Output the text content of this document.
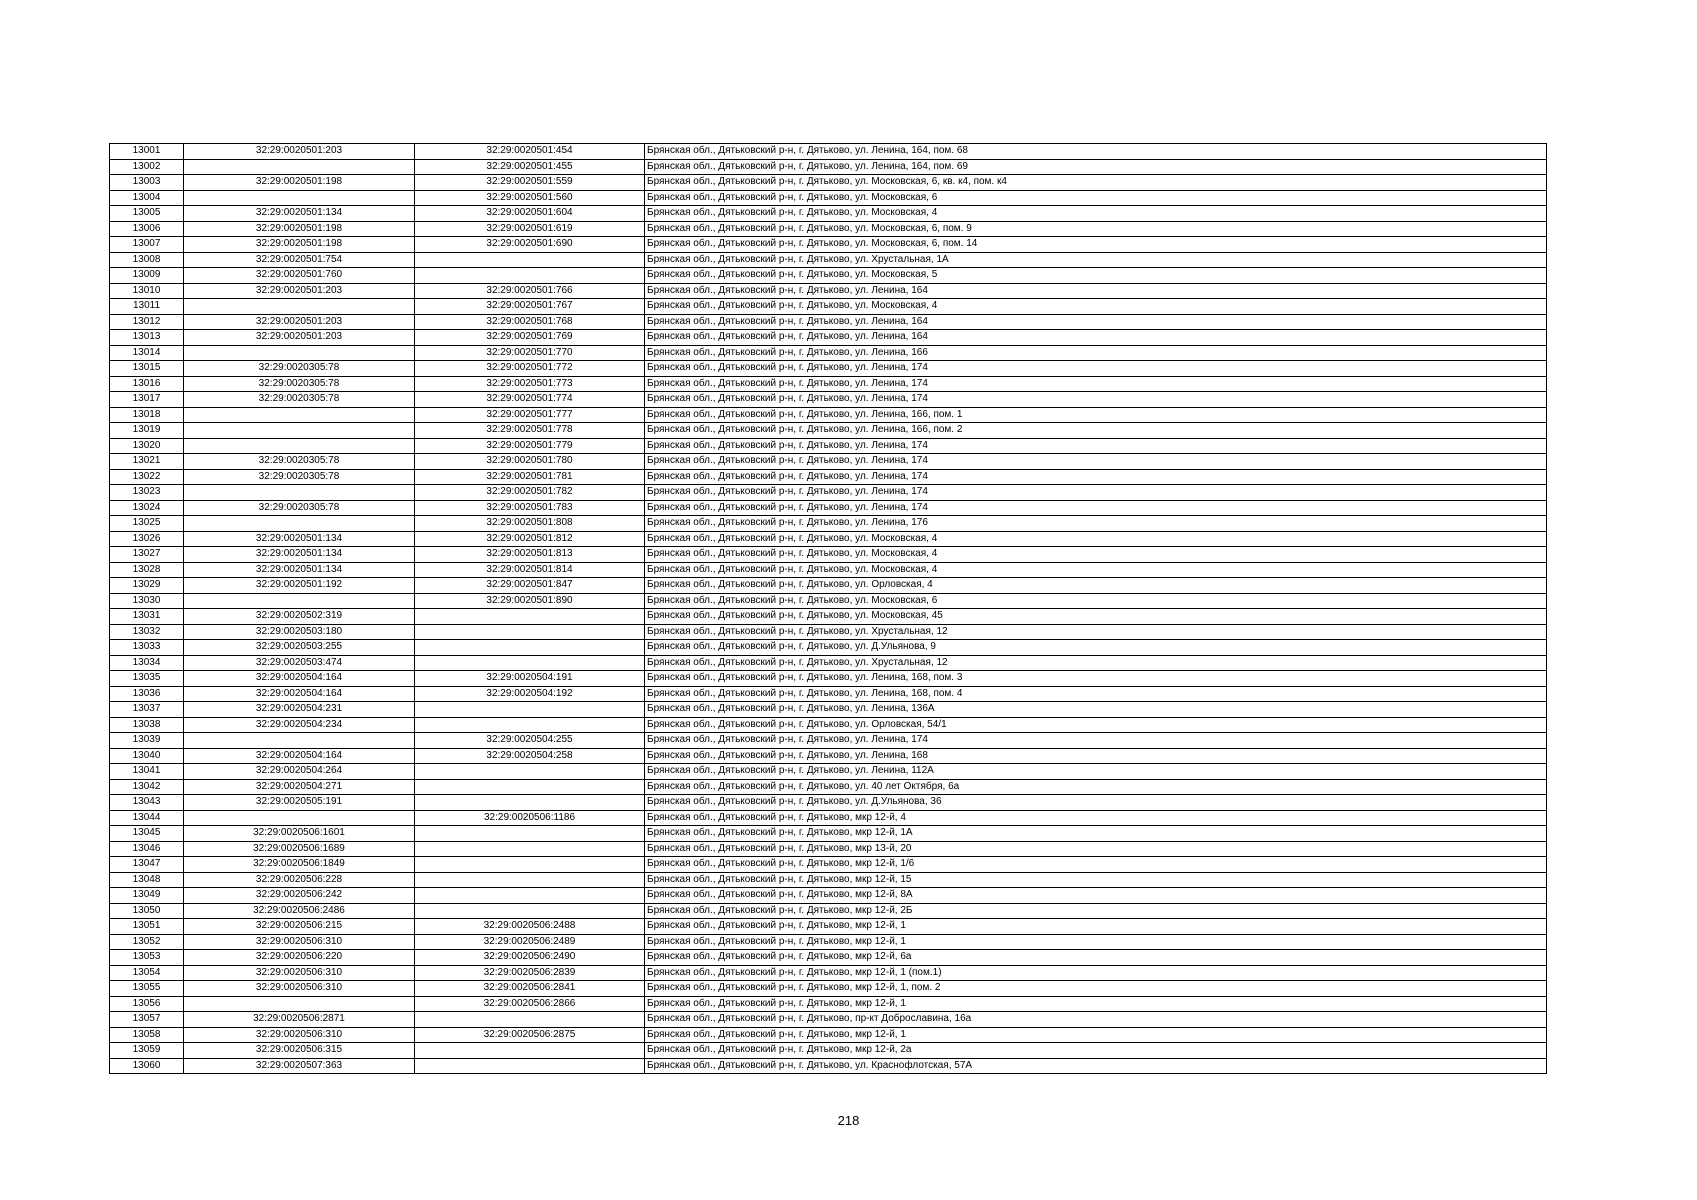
13001	32:29:0020501:203	32:29:0020501:454	Брянская обл., Дятьковский р-н, г. Дятьково, ул. Ленина, 164, пом. 68
13002		32:29:0020501:455	Брянская обл., Дятьковский р-н, г. Дятьково, ул. Ленина, 164, пом. 69
13003	32:29:0020501:198	32:29:0020501:559	Брянская обл., Дятьковский р-н, г. Дятьково, ул. Московская, 6, кв. к4, пом. к4
13004		32:29:0020501:560	Брянская обл., Дятьковский р-н, г. Дятьково, ул. Московская, 6
13005	32:29:0020501:134	32:29:0020501:604	Брянская обл., Дятьковский р-н, г. Дятьково, ул. Московская, 4
13006	32:29:0020501:198	32:29:0020501:619	Брянская обл., Дятьковский р-н, г. Дятьково, ул. Московская, 6, пом. 9
13007	32:29:0020501:198	32:29:0020501:690	Брянская обл., Дятьковский р-н, г. Дятьково, ул. Московская, 6, пом. 14
13008	32:29:0020501:754		Брянская обл., Дятьковский р-н, г. Дятьково, ул. Хрустальная, 1А
13009	32:29:0020501:760		Брянская обл., Дятьковский р-н, г. Дятьково, ул. Московская, 5
13010	32:29:0020501:203	32:29:0020501:766	Брянская обл., Дятьковский р-н, г. Дятьково, ул. Ленина, 164
13011		32:29:0020501:767	Брянская обл., Дятьковский р-н, г. Дятьково, ул. Московская, 4
13012	32:29:0020501:203	32:29:0020501:768	Брянская обл., Дятьковский р-н, г. Дятьково, ул. Ленина, 164
13013	32:29:0020501:203	32:29:0020501:769	Брянская обл., Дятьковский р-н, г. Дятьково, ул. Ленина, 164
13014		32:29:0020501:770	Брянская обл., Дятьковский р-н, г. Дятьково, ул. Ленина, 166
13015	32:29:0020305:78	32:29:0020501:772	Брянская обл., Дятьковский р-н, г. Дятьково, ул. Ленина, 174
13016	32:29:0020305:78	32:29:0020501:773	Брянская обл., Дятьковский р-н, г. Дятьково, ул. Ленина, 174
13017	32:29:0020305:78	32:29:0020501:774	Брянская обл., Дятьковский р-н, г. Дятьково, ул. Ленина, 174
13018		32:29:0020501:777	Брянская обл., Дятьковский р-н, г. Дятьково, ул. Ленина, 166, пом. 1
13019		32:29:0020501:778	Брянская обл., Дятьковский р-н, г. Дятьково, ул. Ленина, 166, пом. 2
13020		32:29:0020501:779	Брянская обл., Дятьковский р-н, г. Дятьково, ул. Ленина, 174
13021	32:29:0020305:78	32:29:0020501:780	Брянская обл., Дятьковский р-н, г. Дятьково, ул. Ленина, 174
13022	32:29:0020305:78	32:29:0020501:781	Брянская обл., Дятьковский р-н, г. Дятьково, ул. Ленина, 174
13023		32:29:0020501:782	Брянская обл., Дятьковский р-н, г. Дятьково, ул. Ленина, 174
13024	32:29:0020305:78	32:29:0020501:783	Брянская обл., Дятьковский р-н, г. Дятьково, ул. Ленина, 174
13025		32:29:0020501:808	Брянская обл., Дятьковский р-н, г. Дятьково, ул. Ленина, 176
13026	32:29:0020501:134	32:29:0020501:812	Брянская обл., Дятьковский р-н, г. Дятьково, ул. Московская, 4
13027	32:29:0020501:134	32:29:0020501:813	Брянская обл., Дятьковский р-н, г. Дятьково, ул. Московская, 4
13028	32:29:0020501:134	32:29:0020501:814	Брянская обл., Дятьковский р-н, г. Дятьково, ул. Московская, 4
13029	32:29:0020501:192	32:29:0020501:847	Брянская обл., Дятьковский р-н, г. Дятьково, ул. Орловская, 4
13030		32:29:0020501:890	Брянская обл., Дятьковский р-н, г. Дятьково, ул. Московская, 6
13031	32:29:0020502:319		Брянская обл., Дятьковский р-н, г. Дятьково, ул. Московская, 45
13032	32:29:0020503:180		Брянская обл., Дятьковский р-н, г. Дятьково, ул. Хрустальная, 12
13033	32:29:0020503:255		Брянская обл., Дятьковский р-н, г. Дятьково, ул. Д.Ульянова, 9
13034	32:29:0020503:474		Брянская обл., Дятьковский р-н, г. Дятьково, ул. Хрустальная, 12
13035	32:29:0020504:164	32:29:0020504:191	Брянская обл., Дятьковский р-н, г. Дятьково, ул. Ленина, 168, пом. 3
13036	32:29:0020504:164	32:29:0020504:192	Брянская обл., Дятьковский р-н, г. Дятьково, ул. Ленина, 168, пом. 4
13037	32:29:0020504:231		Брянская обл., Дятьковский р-н, г. Дятьково, ул. Ленина, 136А
13038	32:29:0020504:234		Брянская обл., Дятьковский р-н, г. Дятьково, ул. Орловская, 54/1
13039		32:29:0020504:255	Брянская обл., Дятьковский р-н, г. Дятьково, ул. Ленина, 174
13040	32:29:0020504:164	32:29:0020504:258	Брянская обл., Дятьковский р-н, г. Дятьково, ул. Ленина, 168
13041	32:29:0020504:264		Брянская обл., Дятьковский р-н, г. Дятьково, ул. Ленина, 112А
13042	32:29:0020504:271		Брянская обл., Дятьковский р-н, г. Дятьково, ул. 40 лет Октября, 6а
13043	32:29:0020505:191		Брянская обл., Дятьковский р-н, г. Дятьково, ул. Д.Ульянова, 36
13044		32:29:0020506:1186	Брянская обл., Дятьковский р-н, г. Дятьково, мкр 12-й, 4
13045	32:29:0020506:1601		Брянская обл., Дятьковский р-н, г. Дятьково, мкр 12-й, 1А
13046	32:29:0020506:1689		Брянская обл., Дятьковский р-н, г. Дятьково, мкр 13-й, 20
13047	32:29:0020506:1849		Брянская обл., Дятьковский р-н, г. Дятьково, мкр 12-й, 1/6
13048	32:29:0020506:228		Брянская обл., Дятьковский р-н, г. Дятьково, мкр 12-й, 15
13049	32:29:0020506:242		Брянская обл., Дятьковский р-н, г. Дятьково, мкр 12-й, 8А
13050	32:29:0020506:2486		Брянская обл., Дятьковский р-н, г. Дятьково, мкр 12-й, 2Б
13051	32:29:0020506:215	32:29:0020506:2488	Брянская обл., Дятьковский р-н, г. Дятьково, мкр 12-й, 1
13052	32:29:0020506:310	32:29:0020506:2489	Брянская обл., Дятьковский р-н, г. Дятьково, мкр 12-й, 1
13053	32:29:0020506:220	32:29:0020506:2490	Брянская обл., Дятьковский р-н, г. Дятьково, мкр 12-й, 6а
13054	32:29:0020506:310	32:29:0020506:2839	Брянская обл., Дятьковский р-н, г. Дятьково, мкр 12-й, 1 (пом.1)
13055	32:29:0020506:310	32:29:0020506:2841	Брянская обл., Дятьковский р-н, г. Дятьково, мкр 12-й, 1, пом. 2
13056		32:29:0020506:2866	Брянская обл., Дятьковский р-н, г. Дятьково, мкр 12-й, 1
13057	32:29:0020506:2871		Брянская обл., Дятьковский р-н, г. Дятьково, пр-кт Доброславина, 16а
13058	32:29:0020506:310	32:29:0020506:2875	Брянская обл., Дятьковский р-н, г. Дятьково, мкр 12-й, 1
13059	32:29:0020506:315		Брянская обл., Дятьковский р-н, г. Дятьково, мкр 12-й, 2а
13060	32:29:0020507:363		Брянская обл., Дятьковский р-н, г. Дятьково, ул. Краснофлотская, 57А
218
